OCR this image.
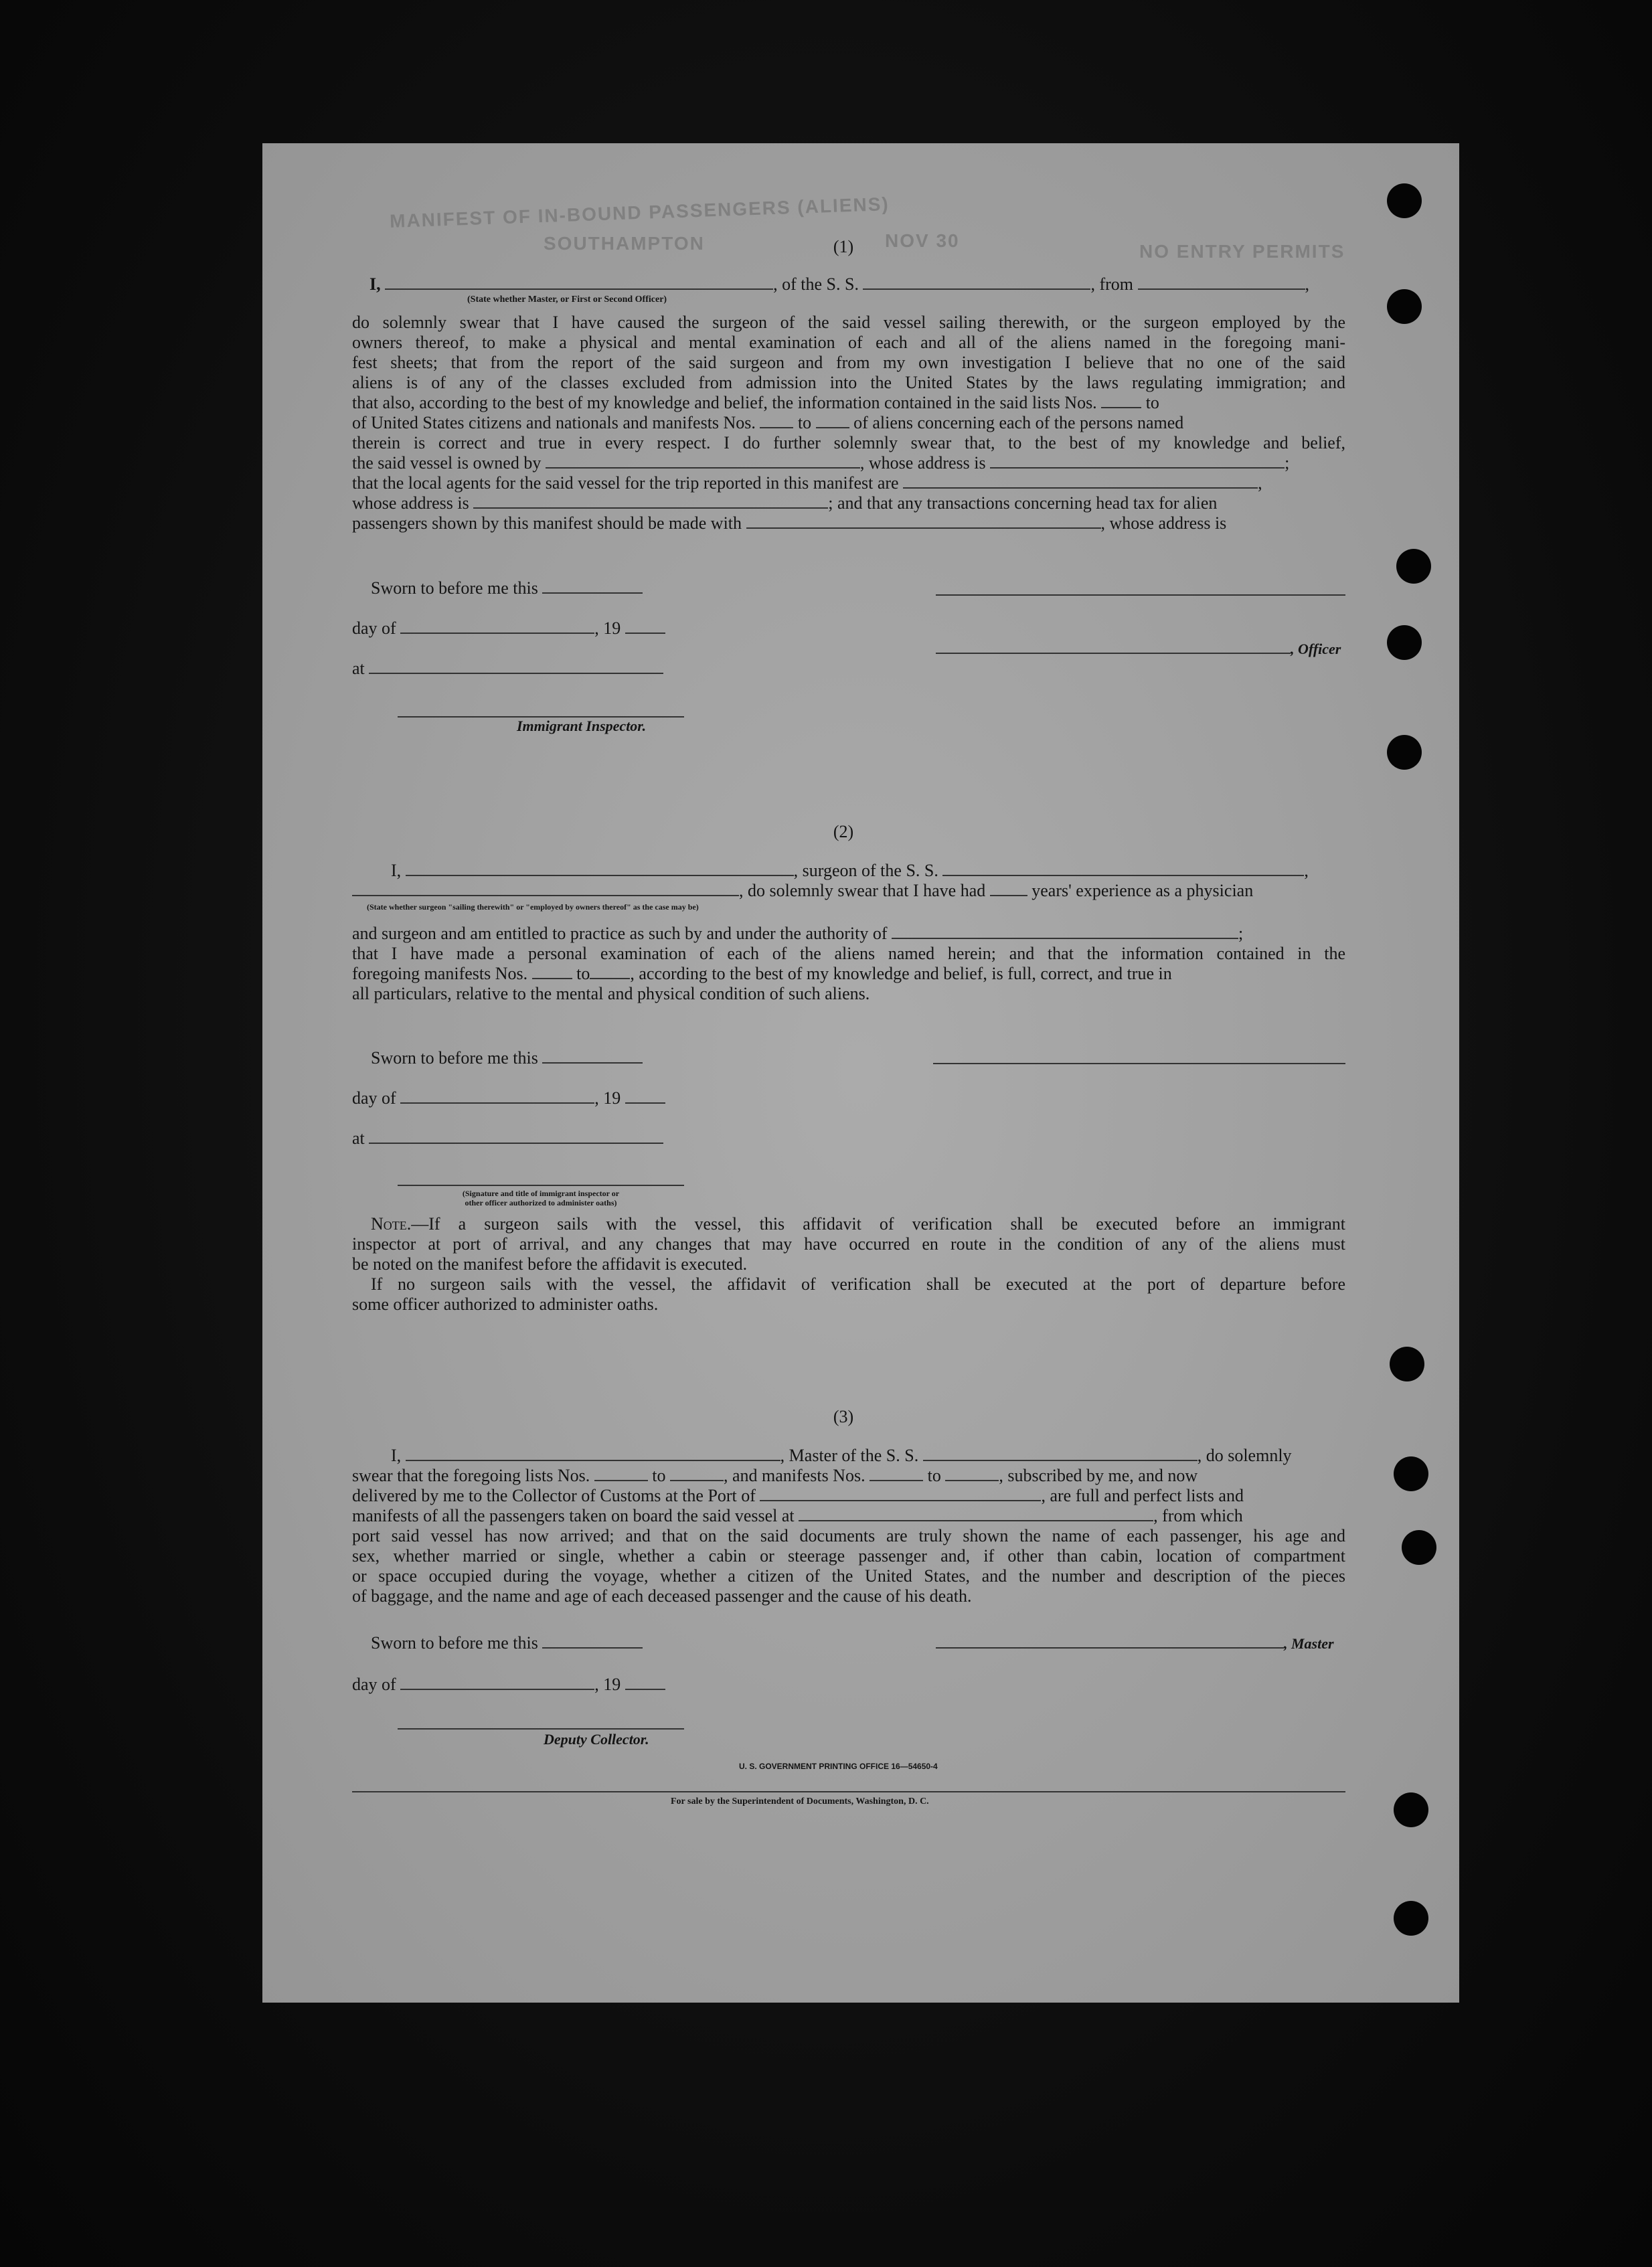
MANIFEST OF IN-BOUND PASSENGERS (ALIENS)
SOUTHAMPTON	NOV 30
NO ENTRY PERMITS
(1)
I,	, of the S. S.	, from	,
(State whether Master, or First or Second Officer)
do solemnly swear that I have caused the surgeon of the said vessel sailing therewith, or the surgeon employed by the
owners thereof, to make a physical and mental examination of each and all of the aliens named in the foregoing mani-
fest sheets; that from the report of the said surgeon and from my own investigation I believe that no one of the said
aliens is of any of the classes excluded from admission into the United States by the laws regulating immigration; and
that also, according to the best of my knowledge and belief, the information contained in the said lists Nos.	to
of United States citizens and nationals and manifests Nos. to of aliens concerning each of the persons named
therein is correct and true in every respect. I do further solemnly swear that, to the best of my knowledge and belief,
the said vessel is owned by	, whose address is	;
that the local agents for the said vessel for the trip reported in this manifest are	,
whose address is	; and that any transactions concerning head tax for alien
passengers shown by this manifest should be made with	, whose address is
Sworn to before me this
day of	, 19
, Officer
at
Immigrant Inspector.
(2)
I,	, surgeon of the S. S.	,
, do solemnly swear that I have had	years' experience as a physician
(State whether surgeon "sailing therewith" or "employed by owners thereof" as the case may be)
and surgeon and am entitled to practice as such by and under the authority of	;
that I have made a personal examination of each of the aliens named herein; and that the information contained in the
foregoing manifests Nos.	to , according to the best of my knowledge and belief, is full, correct, and true in
all particulars, relative to the mental and physical condition of such aliens.
Sworn to before me this
day of	, 19
at
(Signature and title of immigrant inspector or
other officer authorized to administer oaths)
Note.—If a surgeon sails with the vessel, this affidavit of verification shall be executed before an immigrant
inspector at port of arrival, and any changes that may have occurred en route in the condition of any of the aliens must
be noted on the manifest before the affidavit is executed.
If no surgeon sails with the vessel, the affidavit of verification shall be executed at the port of departure before
some officer authorized to administer oaths.
(3)
I,	, Master of the S. S.	, do solemnly
swear that the foregoing lists Nos.	to	, and manifests Nos.	to	, subscribed by me, and now
delivered by me to the Collector of Customs at the Port of	, are full and perfect lists and
manifests of all the passengers taken on board the said vessel at	, from which
port said vessel has now arrived; and that on the said documents are truly shown the name of each passenger, his age and
sex, whether married or single, whether a cabin or steerage passenger and, if other than cabin, location of compartment
or space occupied during the voyage, whether a citizen of the United States, and the number and description of the pieces
of baggage, and the name and age of each deceased passenger and the cause of his death.
Sworn to before me this	, Master
day of	, 19
Deputy Collector.
U. S. GOVERNMENT PRINTING OFFICE 16—54650-4
For sale by the Superintendent of Documents, Washington, D. C.
